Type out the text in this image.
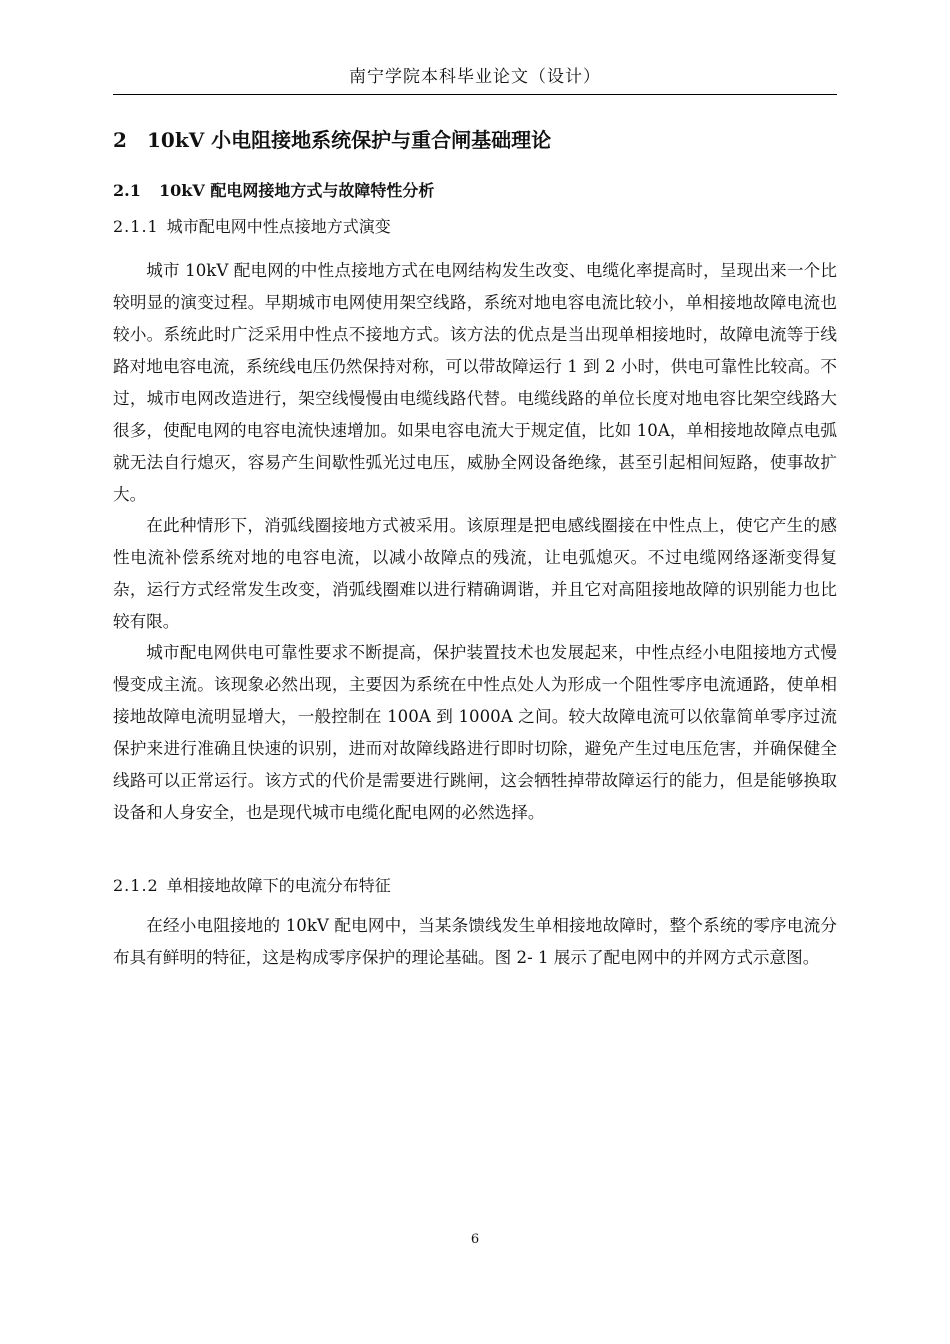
南宁学院本科毕业论文（设计）
2 10kV 小电阻接地系统保护与重合闸基础理论
2.1 10kV 配电网接地方式与故障特性分析
2.1.1 城市配电网中性点接地方式演变

城市 10kV 配电网的中性点接地方式在电网结构发生改变、电缆化率提高时，呈现出来一个比较明显的演变过程。早期城市电网使用架空线路，系统对地电容电流比较小，单相接地故障电流也较小。系统此时广泛采用中性点不接地方式。该方法的优点是当出现单相接地时，故障电流等于线路对地电容电流，系统线电压仍然保持对称，可以带故障运行 1 到 2 小时，供电可靠性比较高。不过，城市电网改造进行，架空线慢慢由电缆线路代替。电缆线路的单位长度对地电容比架空线路大很多，使配电网的电容电流快速增加。如果电容电流大于规定值，比如 10A，单相接地故障点电弧就无法自行熄灭，容易产生间歇性弧光过电压，威胁全网设备绝缘，甚至引起相间短路，使事故扩大。

在此种情形下，消弧线圈接地方式被采用。该原理是把电感线圈接在中性点上，使它产生的感性电流补偿系统对地的电容电流，以减小故障点的残流，让电弧熄灭。不过电缆网络逐渐变得复杂，运行方式经常发生改变，消弧线圈难以进行精确调谐，并且它对高阻接地故障的识别能力也比较有限。

城市配电网供电可靠性要求不断提高，保护装置技术也发展起来，中性点经小电阻接地方式慢慢变成主流。该现象必然出现，主要因为系统在中性点处人为形成一个阻性零序电流通路，使单相接地故障电流明显增大，一般控制在 100A 到 1000A 之间。较大故障电流可以依靠简单零序过流保护来进行准确且快速的识别，进而对故障线路进行即时切除，避免产生过电压危害，并确保健全线路可以正常运行。该方式的代价是需要进行跳闸，这会牺牲掉带故障运行的能力，但是能够换取设备和人身安全，也是现代城市电缆化配电网的必然选择。

2.1.2 单相接地故障下的电流分布特征

在经小电阻接地的 10kV 配电网中，当某条馈线发生单相接地故障时，整个系统的零序电流分布具有鲜明的特征，这是构成零序保护的理论基础。图 2- 1 展示了配电网中的并网方式示意图。

6
